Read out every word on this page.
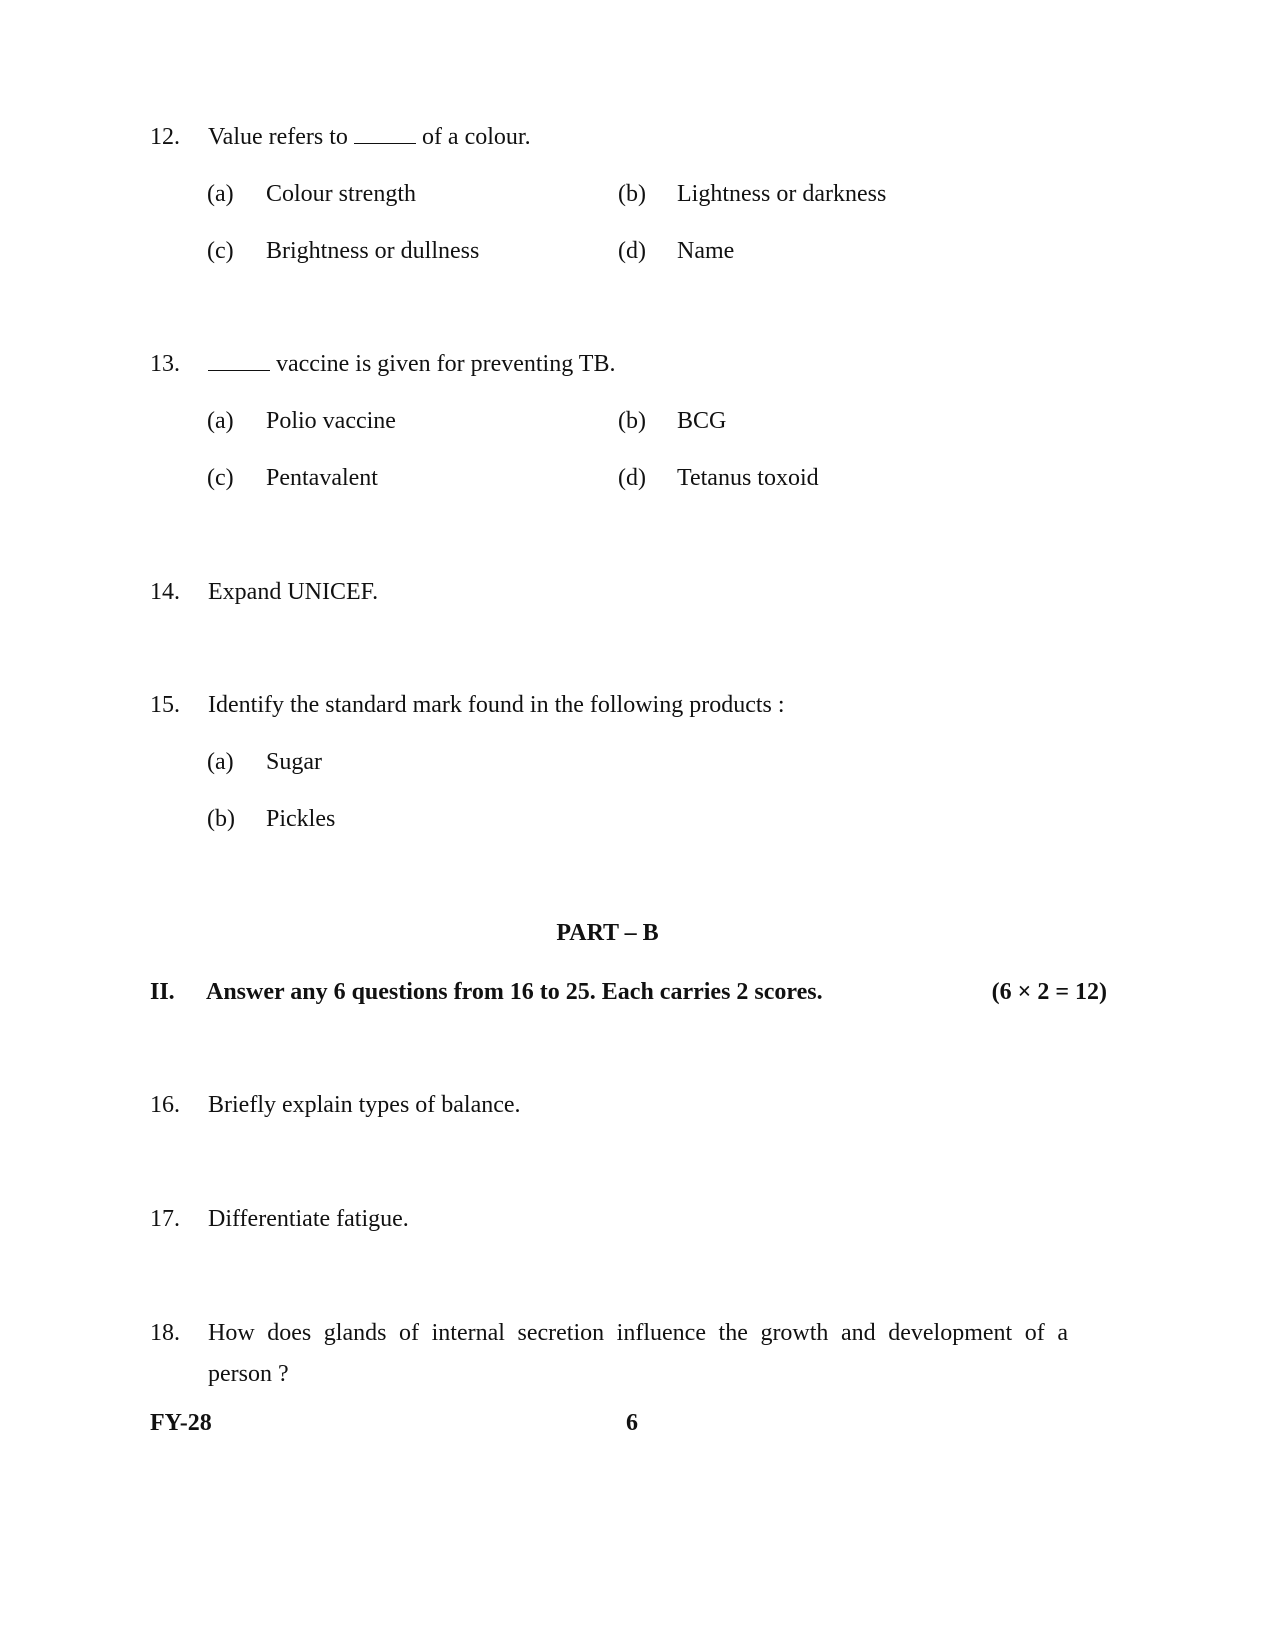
12. Value refers to	of a colour.
(a) Colour strength	(b) Lightness or darkness
(c) Brightness or dullness	(d) Name
13.	vaccine is given for preventing TB.
(a) Polio vaccine	(b) BCG
(c) Pentavalent	(d) Tetanus toxoid
14. Expand UNICEF.
15. Identify the standard mark found in the following products :
(a) Sugar
(b) Pickles
PART – B
II. Answer any 6 questions from 16 to 25. Each carries 2 scores.	(6 × 2 = 12)
16. Briefly explain types of balance.
17. Differentiate fatigue.
18. How does glands of internal secretion influence the growth and development of a
person ?
FY-28	6
